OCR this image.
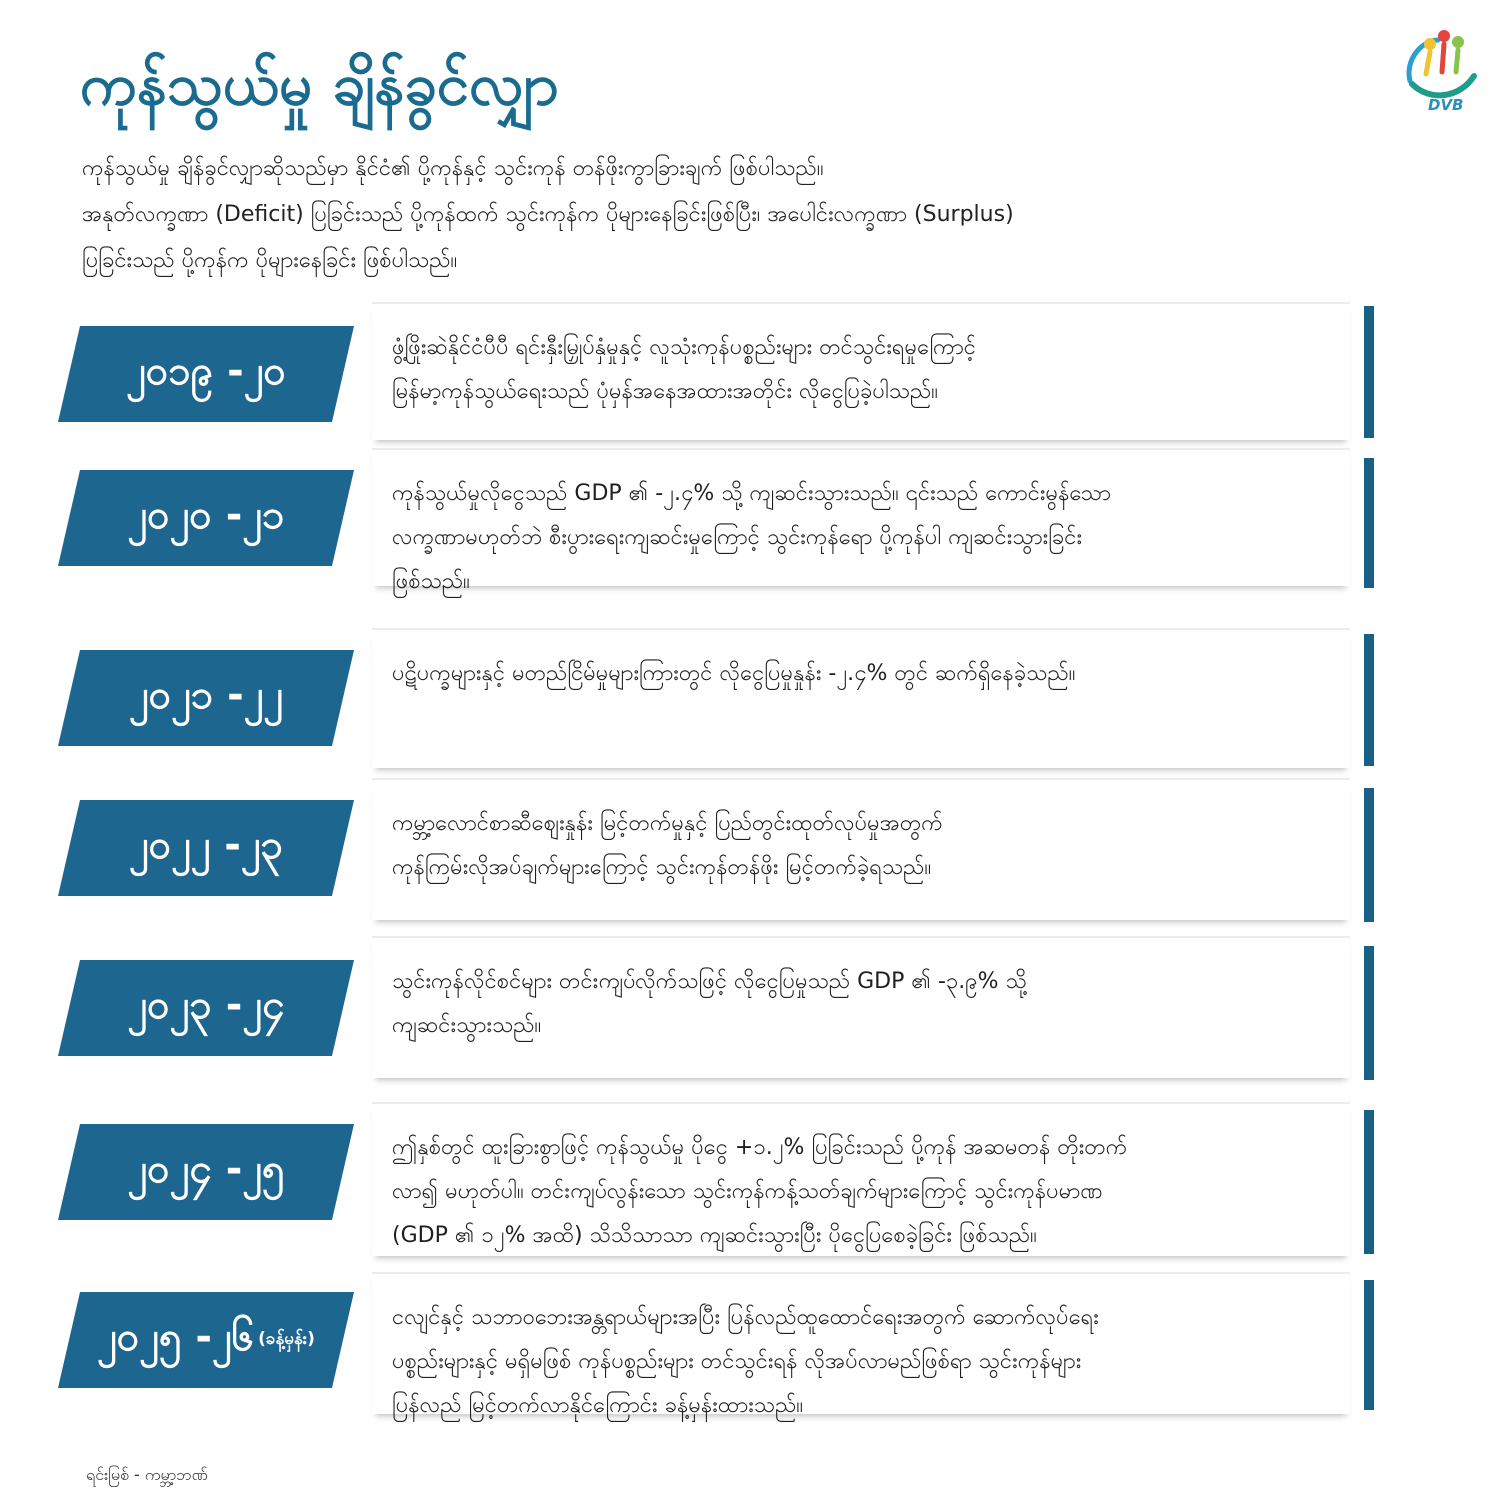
ကုန်သွယ်မှု ချိန်ခွင်လျှာ	DVB

ကုန်သွယ်မှု ချိန်ခွင်လျှာဆိုသည်မှာ နိုင်ငံ၏ ပို့ကုန်နှင့် သွင်းကုန် တန်ဖိုးကွာခြားချက် ဖြစ်ပါသည်။

အနုတ်လက္ခဏာ (Deficit) ပြခြင်းသည် ပို့ကုန်ထက် သွင်းကုန်က ပိုများနေခြင်းဖြစ်ပြီး၊ အပေါင်းလက္ခဏာ (Surplus)

ပြခြင်းသည် ပို့ကုန်က ပိုများနေခြင်း ဖြစ်ပါသည်။

ဖွံ့ဖြိုးဆဲနိုင်ငံပီပီ ရင်းနှီးမြှုပ်နှံမှုနှင့် လူသုံးကုန်ပစ္စည်းများ တင်သွင်းရမှုကြောင့်
မြန်မာ့ကုန်သွယ်ရေးသည် ပုံမှန်အနေအထားအတိုင်း လိုငွေပြခဲ့ပါသည်။
၂၀၁၉ -၂၀
ကုန်သွယ်မှုလိုငွေသည် GDP ၏ -၂.၄% သို့ ကျဆင်းသွားသည်။ ၎င်းသည် ကောင်းမွန်သော
လက္ခဏာမဟုတ်ဘဲ စီးပွားရေးကျဆင်းမှုကြောင့် သွင်းကုန်ရော ပို့ကုန်ပါ ကျဆင်းသွားခြင်း
ဖြစ်သည်။
၂၀၂၀ -၂၁
ပဋိပက္ခများနှင့် မတည်ငြိမ်မှုများကြားတွင် လိုငွေပြမှုနှုန်း -၂.၄% တွင် ဆက်ရှိနေခဲ့သည်။
၂၀၂၁ -၂၂
ကမ္ဘာ့လောင်စာဆီဈေးနှုန်း မြင့်တက်မှုနှင့် ပြည်တွင်းထုတ်လုပ်မှုအတွက်
ကုန်ကြမ်းလိုအပ်ချက်များကြောင့် သွင်းကုန်တန်ဖိုး မြင့်တက်ခဲ့ရသည်။
၂၀၂၂ -၂၃
သွင်းကုန်လိုင်စင်များ တင်းကျပ်လိုက်သဖြင့် လိုငွေပြမှုသည် GDP ၏ -၃.၉% သို့
ကျဆင်းသွားသည်။
၂၀၂၃ -၂၄
ဤနှစ်တွင် ထူးခြားစွာဖြင့် ကုန်သွယ်မှု ပိုငွေ +၁.၂% ပြခြင်းသည် ပို့ကုန် အဆမတန် တိုးတက်
လာ၍ မဟုတ်ပါ။ တင်းကျပ်လွန်းသော သွင်းကုန်ကန့်သတ်ချက်များကြောင့် သွင်းကုန်ပမာဏ
(GDP ၏ ၁၂% အထိ) သိသိသာသာ ကျဆင်းသွားပြီး ပိုငွေပြစေခဲ့ခြင်း ဖြစ်သည်။
၂၀၂၄ -၂၅
ငလျင်နှင့် သဘာဝဘေးအန္တရာယ်များအပြီး ပြန်လည်ထူထောင်ရေးအတွက် ဆောက်လုပ်ရေး
ပစ္စည်းများနှင့် မရှိမဖြစ် ကုန်ပစ္စည်းများ တင်သွင်းရန် လိုအပ်လာမည်ဖြစ်ရာ သွင်းကုန်များ
ပြန်လည် မြင့်တက်လာနိုင်ကြောင်း ခန့်မှန်းထားသည်။
၂၀၂၅ -၂၆ (ခန့်မှန်း)
ရင်းမြစ် - ကမ္ဘာ့ဘဏ်
